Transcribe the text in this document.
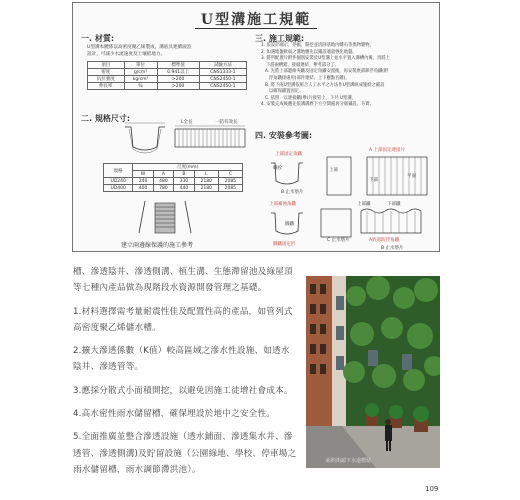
U型溝施工規範
一. 材質:
U型溝本體係以高密度聚乙烯製成，溝底具連續波浪
設計，可減少水流速度及土壤抵地力。
項目	單位	標準值	試驗方法
密度	g/cm³	0.941以上	CNS1333-1
抗拉強度	kg/cm²	>200	CNS2450-1
伸長率	%	>200	CNS2450-1
三. 施工規範:
1. 依設計圖示，挖掘，開挖並清除基地內雜石等異物雜物。
2. 如遇地盤軟弱之溝地應先以鋪設適量強化地盤。
3. 將所配置片附件個別安裝於U型溝上並水平置入溝槽內後，再將上
下游兩槽錯，接縫連結，參考部分了。
A. 先將上部邊條夾鐵及固定角鐵安置後，再安裝底部卸浮角鐵(附
浮角鐵接處用)部件連結，上下應點名鏈)。
B. 將下兩U型溝依組合人工水平之方法作U型溝組成施紛之鋪設
以確保鋪置固定。
C. 依照一以連接鐵(參)片接管上，下共 U型溝。
4. 安裝完成後應先依溝溝底下方空間處再分層鋪設，夯實。
二. 規格尺寸:	L全長	一防有效長
規格	尺度(mm)				
	W	A	B	L	C
UD240	240	480	330	2180	2085
UD400	400	780	440	2180	2085
建立兩邊線保護的施工參考
四. 安裝參考圖:
上部固定角鐵
A 上部固定連接片
螺栓
B 止水墊片
上部
下部
平面
上部補強角鐵	上部鐵	下部鐵
圖鐵
圓鐵固定形
C 止水墊片	A底部防浮角鐵
B 止水墊片

槽、滲透陰井、滲透側溝、植生溝、生態滯留池及綠屋頂等七種內產品做為現階段水資源開發管理之基礎。

1.材料選擇需考量耐震性佳及配置性高的產品，如管列式高密度聚乙烯儲水槽。

2.擴大滲透係數（K值）較高區域之滲水性設施、如透水陰井、滲透管等。

3.應採分散式小面積開挖，以避免因施工徒增社會成本。

4.高水密性雨水儲留槽，確保埋設於地中之安全性。

5.全面推廣並整合滲透設施（透水鋪面、滲透集水井、滲透管、滲透側溝)及貯留設施（公園綠地、學校、停車場之雨水儲留槽，雨水調節滯洪池）。

紐約街頭下水道標誌
109
